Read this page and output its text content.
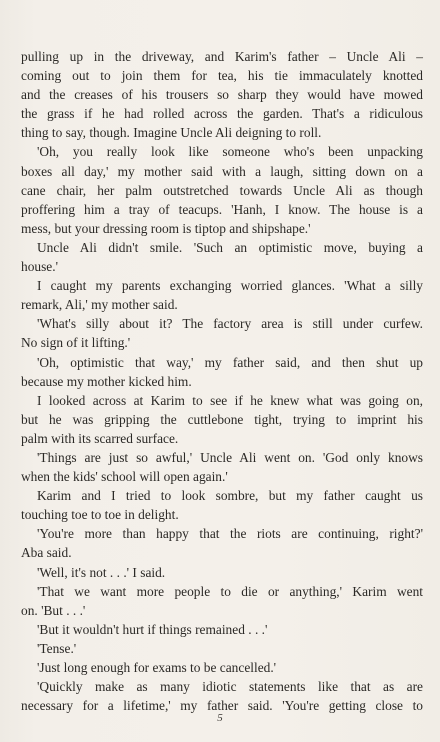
pulling up in the driveway, and Karim's father – Uncle Ali –

coming out to join them for tea, his tie immaculately knotted

and the creases of his trousers so sharp they would have mowed

the grass if he had rolled across the garden. That's a ridiculous

thing to say, though. Imagine Uncle Ali deigning to roll.

'Oh, you really look like someone who's been unpacking

boxes all day,' my mother said with a laugh, sitting down on a

cane chair, her palm outstretched towards Uncle Ali as though

proffering him a tray of teacups. 'Hanh, I know. The house is a

mess, but your dressing room is tiptop and shipshape.'

Uncle Ali didn't smile. 'Such an optimistic move, buying a

house.'

I caught my parents exchanging worried glances. 'What a silly

remark, Ali,' my mother said.

'What's silly about it? The factory area is still under curfew.

No sign of it lifting.'

'Oh, optimistic that way,' my father said, and then shut up

because my mother kicked him.

I looked across at Karim to see if he knew what was going on,

but he was gripping the cuttlebone tight, trying to imprint his

palm with its scarred surface.

'Things are just so awful,' Uncle Ali went on. 'God only knows

when the kids' school will open again.'

Karim and I tried to look sombre, but my father caught us

touching toe to toe in delight.

'You're more than happy that the riots are continuing, right?'

Aba said.

'Well, it's not . . .' I said.

'That we want more people to die or anything,' Karim went

on. 'But . . .'

'But it wouldn't hurt if things remained . . .'

'Tense.'

'Just long enough for exams to be cancelled.'

'Quickly make as many idiotic statements like that as are

necessary for a lifetime,' my father said. 'You're getting close to

5
